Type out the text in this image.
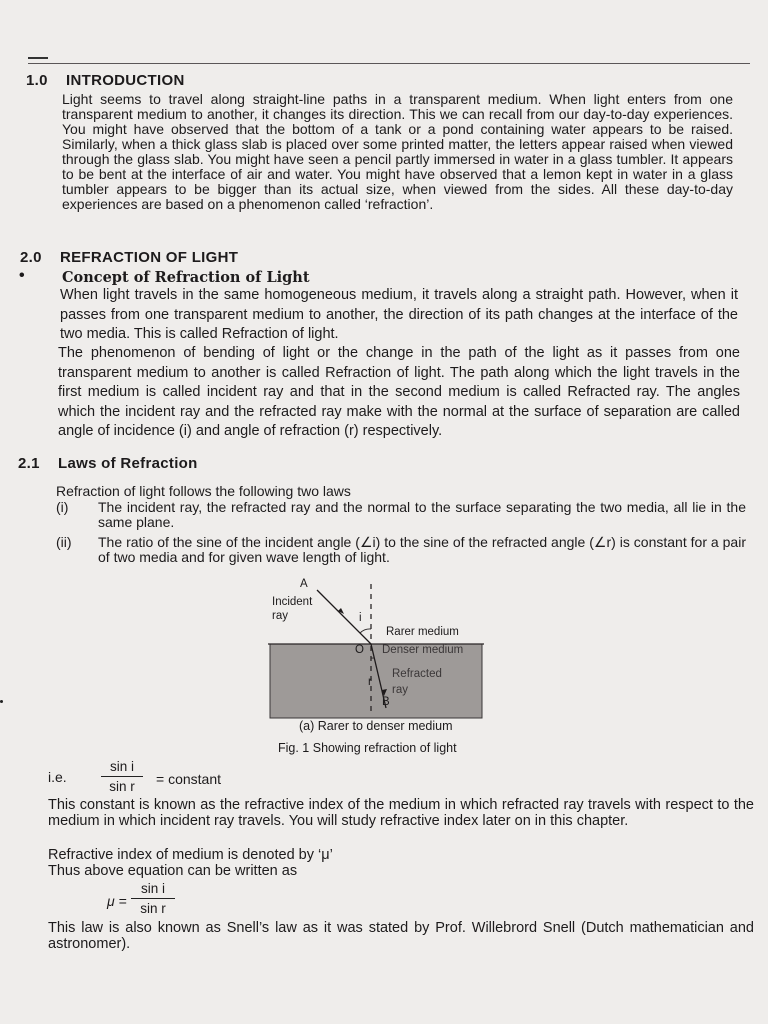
1.0 INTRODUCTION

Light seems to travel along straight-line paths in a transparent medium. When light enters from one transparent medium to another, it changes its direction. This we can recall from our day-to-day experiences. You might have observed that the bottom of a tank or a pond containing water appears to be raised. Similarly, when a thick glass slab is placed over some printed matter, the letters appear raised when viewed through the glass slab. You might have seen a pencil partly immersed in water in a glass tumbler. It appears to be bent at the interface of air and water. You might have observed that a lemon kept in water in a glass tumbler appears to be bigger than its actual size, when viewed from the sides. All these day-to-day experiences are based on a phenomenon called ‘refraction’.

2.0 REFRACTION OF LIGHT
•	Concept of Refraction of Light

When light travels in the same homogeneous medium, it travels along a straight path. However, when it passes from one transparent medium to another, the direction of its path changes at the interface of the two media. This is called Refraction of light.

The phenomenon of bending of light or the change in the path of the light as it passes from one transparent medium to another is called Refraction of light. The path along which the light travels in the first medium is called incident ray and that in the second medium is called Refracted ray. The angles which the incident ray and the refracted ray make with the normal at the surface of separation are called angle of incidence (i) and angle of refraction (r) respectively.

2.1 Laws of Refraction
Refraction of light follows the following two laws
(i) The incident ray, the refracted ray and the normal to the surface separating the two media, all lie in the same plane.
(ii) The ratio of the sine of the incident angle (∠i) to the sine of the refracted angle (∠r) is constant for a pair of two media and for given wave length of light.
A
Incident
ray	i
Rarer medium
O Denser medium
r
Refracted
ray
B
(a) Rarer to denser medium
Fig. 1 Showing refraction of light
i.e.
sin i
sin r	= constant

This constant is known as the refractive index of the medium in which refracted ray travels with respect to the medium in which incident ray travels. You will study refractive index later on in this chapter.

Refractive index of medium is denoted by ‘μ’
Thus above equation can be written as
μ =
sin i
sin r

This law is also known as Snell’s law as it was stated by Prof. Willebrord Snell (Dutch mathematician and astronomer).
